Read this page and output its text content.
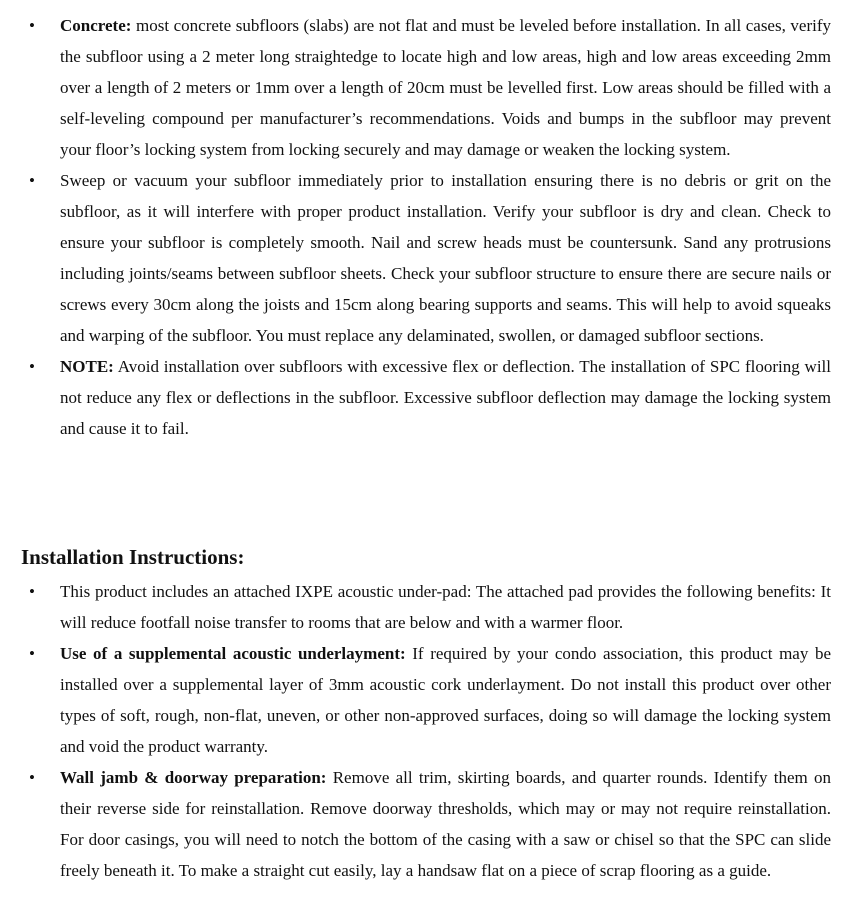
• Concrete: most concrete subfloors (slabs) are not flat and must be leveled before installation. In all cases, verify the subfloor using a 2 meter long straightedge to locate high and low areas, high and low areas exceeding 2mm over a length of 2 meters or 1mm over a length of 20cm must be levelled first. Low areas should be filled with a self-leveling compound per manufacturer’s recommendations. Voids and bumps in the subfloor may prevent your floor’s locking system from locking securely and may damage or weaken the locking system.
• Sweep or vacuum your subfloor immediately prior to installation ensuring there is no debris or grit on the subfloor, as it will interfere with proper product installation. Verify your subfloor is dry and clean. Check to ensure your subfloor is completely smooth. Nail and screw heads must be countersunk. Sand any protrusions including joints/seams between subfloor sheets. Check your subfloor structure to ensure there are secure nails or screws every 30cm along the joists and 15cm along bearing supports and seams. This will help to avoid squeaks and warping of the subfloor. You must replace any delaminated, swollen, or damaged subfloor sections.
• NOTE: Avoid installation over subfloors with excessive flex or deflection. The installation of SPC flooring will not reduce any flex or deflections in the subfloor. Excessive subfloor deflection may damage the locking system and cause it to fail.
Installation Instructions:
• This product includes an attached IXPE acoustic under-pad: The attached pad provides the following benefits: It will reduce footfall noise transfer to rooms that are below and with a warmer floor.
• Use of a supplemental acoustic underlayment: If required by your condo association, this product may be installed over a supplemental layer of 3mm acoustic cork underlayment. Do not install this product over other types of soft, rough, non-flat, uneven, or other non-approved surfaces, doing so will damage the locking system and void the product warranty.
• Wall jamb & doorway preparation: Remove all trim, skirting boards, and quarter rounds. Identify them on their reverse side for reinstallation. Remove doorway thresholds, which may or may not require reinstallation. For door casings, you will need to notch the bottom of the casing with a saw or chisel so that the SPC can slide freely beneath it. To make a straight cut easily, lay a handsaw flat on a piece of scrap flooring as a guide.
